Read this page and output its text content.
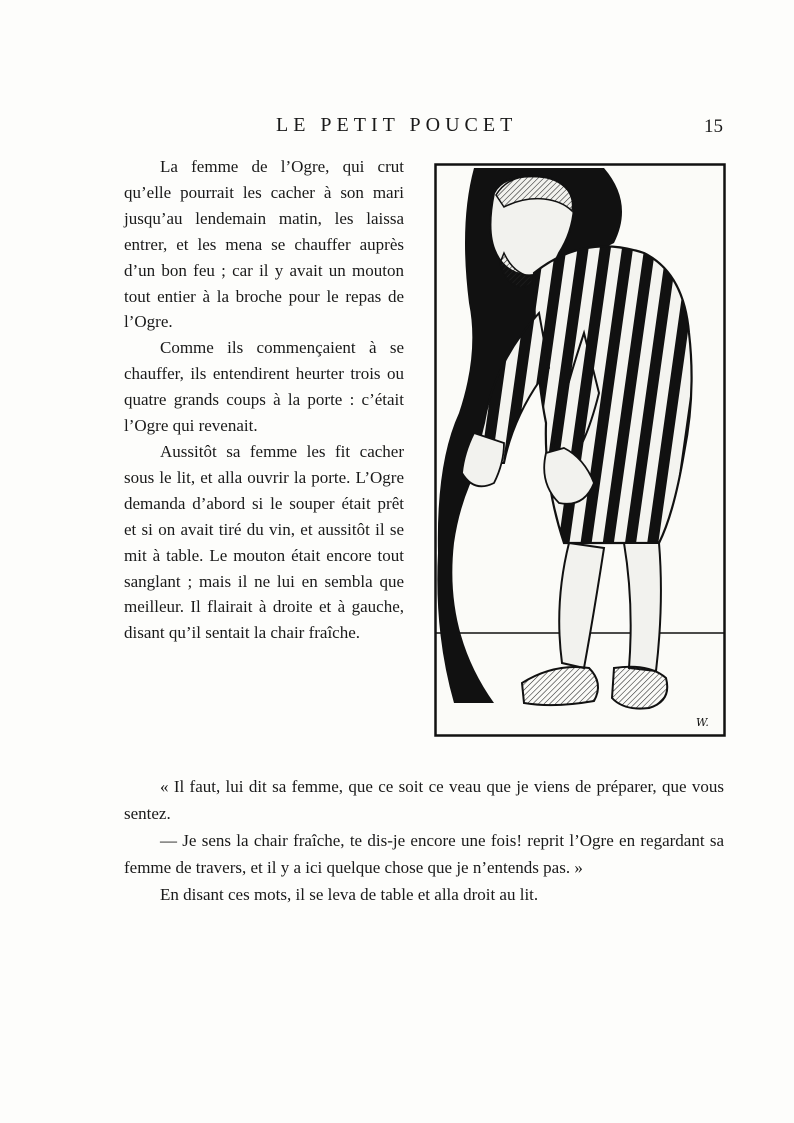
LE PETIT POUCET	15

La femme de l’Ogre, qui crut qu’elle pourrait les cacher à son mari jusqu’au lendemain matin, les laissa entrer, et les mena se chauffer auprès d’un bon feu ; car il y avait un mouton tout entier à la broche pour le repas de l’Ogre.

Comme ils commençaient à se chauffer, ils entendirent heurter trois ou quatre grands coups à la porte : c’était l’Ogre qui revenait.

Aussitôt sa femme les fit cacher sous le lit, et alla ouvrir la porte. L’Ogre demanda d’abord si le souper était prêt et si on avait tiré du vin, et aussitôt il se mit à table. Le mouton était encore tout sanglant ; mais il ne lui en sembla que meilleur. Il flairait à droite et à gauche, disant qu’il sentait la chair fraîche.

W.

« Il faut, lui dit sa femme, que ce soit ce veau que je viens de préparer, que vous sentez.

— Je sens la chair fraîche, te dis-je encore une fois! reprit l’Ogre en regardant sa femme de travers, et il y a ici quelque chose que je n’entends pas. »

En disant ces mots, il se leva de table et alla droit au lit.
